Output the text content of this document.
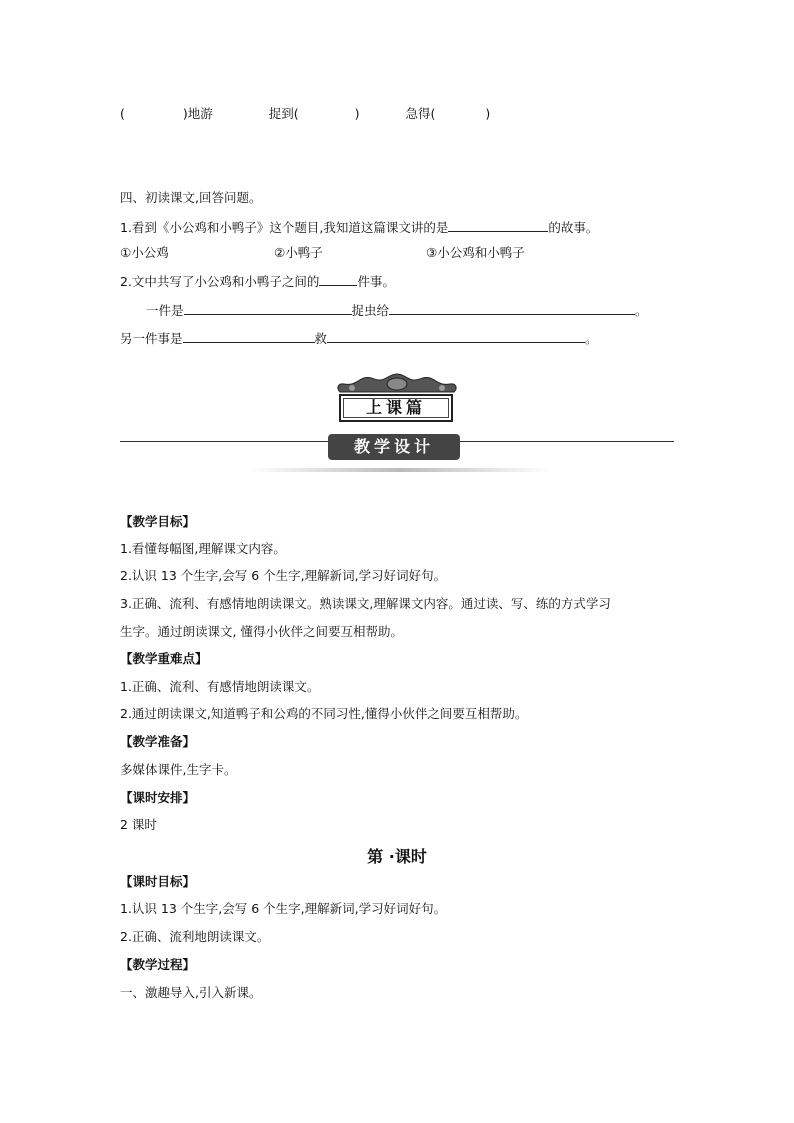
(	)地游	捉到(	)	急得(	)
四、初读课文,回答问题。
1.看到《小公鸡和小鸭子》这个题目,我知道这篇课文讲的是	的故事。
①小公鸡	②小鸭子	③小公鸡和小鸭子
2.文中共写了小公鸡和小鸭子之间的	件事。
一件是	捉虫给	。
另一件事是	救	。
上课篇
教学设计
【教学目标】
1.看懂每幅图,理解课文内容。
2.认识 13 个生字,会写 6 个生字,理解新词,学习好词好句。
3.正确、流利、有感情地朗读课文。熟读课文,理解课文内容。通过读、写、练的方式学习
生字。通过朗读课文, 懂得小伙伴之间要互相帮助。
【教学重难点】
1.正确、流利、有感情地朗读课文。
2.通过朗读课文,知道鸭子和公鸡的不同习性,懂得小伙伴之间要互相帮助。
【教学准备】
多媒体课件,生字卡。
【课时安排】
2 课时
第 ·课时
【课时目标】
1.认识 13 个生字,会写 6 个生字,理解新词,学习好词好句。
2.正确、流利地朗读课文。
【教学过程】
一、激趣导入,引入新课。
